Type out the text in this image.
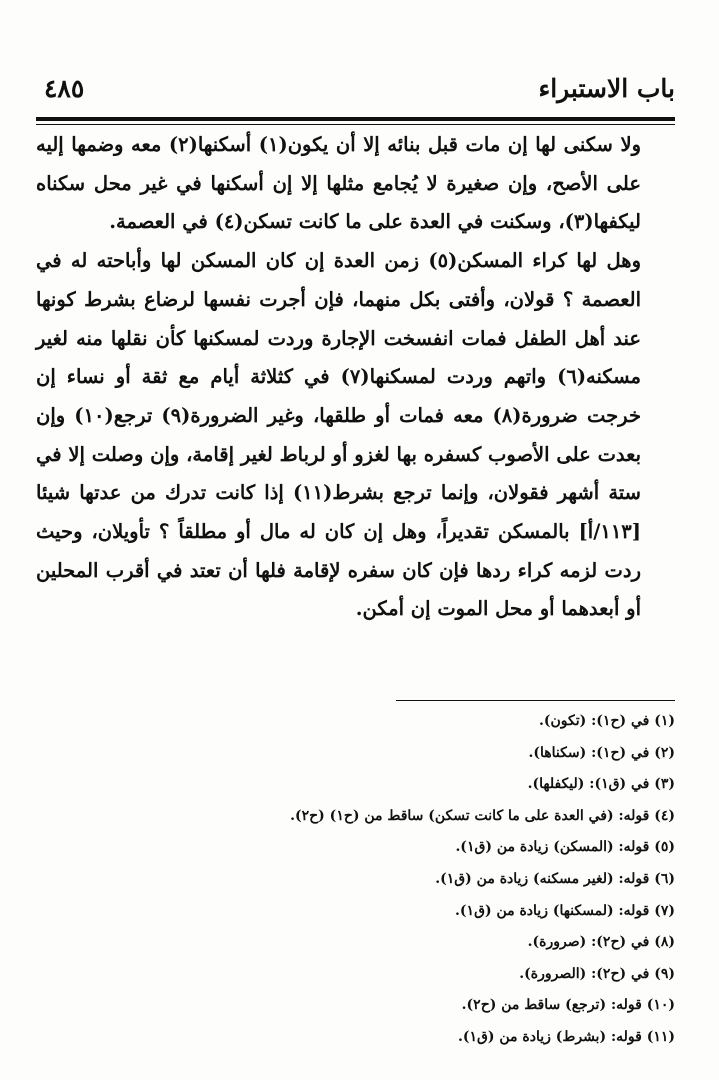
باب الاستبراء
٤٨٥

ولا سكنى لها إن مات قبل بنائه إلا أن يكون(١) أسكنها(٢) معه وضمها إليه على الأصح، وإن صغيرة لا يُجامع مثلها إلا إن أسكنها في غير محل سكناه ليكفها(٣)، وسكنت في العدة على ما كانت تسكن(٤) في العصمة.

وهل لها كراء المسكن(٥) زمن العدة إن كان المسكن لها وأباحته له في العصمة ؟ قولان، وأفتى بكل منهما، فإن أجرت نفسها لرضاع بشرط كونها عند أهل الطفل فمات انفسخت الإجارة وردت لمسكنها كأن نقلها منه لغير مسكنه(٦) واتهم وردت لمسكنها(٧) في كثلاثة أيام مع ثقة أو نساء إن خرجت ضرورة(٨) معه فمات أو طلقها، وغير الضرورة(٩) ترجع(١٠) وإن بعدت على الأصوب كسفره بها لغزو أو لرباط لغير إقامة، وإن وصلت إلا في ستة أشهر فقولان، وإنما ترجع بشرط(١١) إذا كانت تدرك من عدتها شيئا [١١٣/أ] بالمسكن تقديراً، وهل إن كان له مال أو مطلقاً ؟ تأويلان، وحيث ردت لزمه كراء ردها فإن كان سفره لإقامة فلها أن تعتد في أقرب المحلين أو أبعدهما أو محل الموت إن أمكن.

(١) في (ح١): (تكون).
(٢) في (ح١): (سكناها).
(٣) في (ق١): (ليكفلها).
(٤) قوله: (في العدة على ما كانت تسكن) ساقط من (ح١) (ح٢).
(٥) قوله: (المسكن) زيادة من (ق١).
(٦) قوله: (لغير مسكنه) زيادة من (ق١).
(٧) قوله: (لمسكنها) زيادة من (ق١).
(٨) في (ح٢): (صرورة).
(٩) في (ح٢): (الصرورة).
(١٠) قوله: (ترجع) ساقط من (ح٢).
(١١) قوله: (بشرط) زيادة من (ق١).
